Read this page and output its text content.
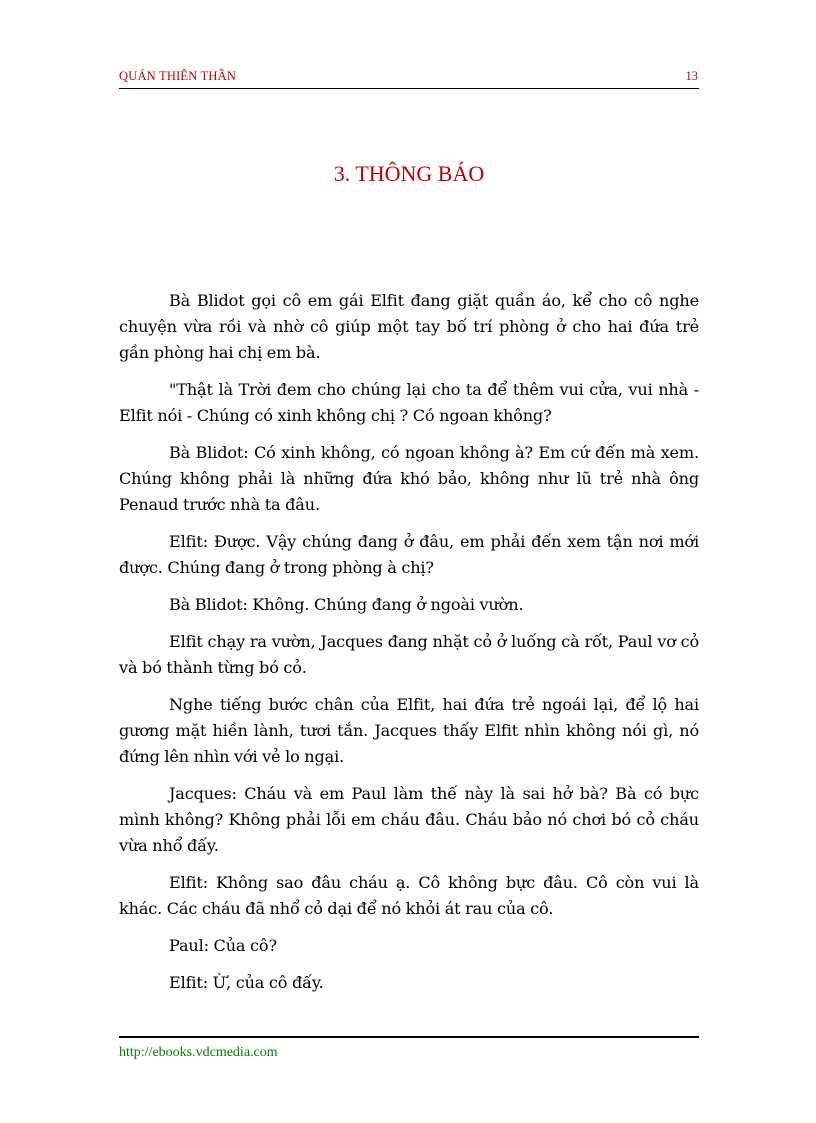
QUÁN THIÊN THẦN	13
3. THÔNG BÁO

Bà Blidot gọi cô em gái Elfit đang giặt quần áo, kể cho cô nghe chuyện vừa rồi và nhờ cô giúp một tay bố trí phòng ở cho hai đứa trẻ gần phòng hai chị em bà.

"Thật là Trời đem cho chúng lại cho ta để thêm vui cửa, vui nhà - Elfit nói - Chúng có xinh không chị ? Có ngoan không?

Bà Blidot: Có xinh không, có ngoan không à? Em cứ đến mà xem. Chúng không phải là những đứa khó bảo, không như lũ trẻ nhà ông Penaud trước nhà ta đâu.

Elfit: Được. Vậy chúng đang ở đâu, em phải đến xem tận nơi mới được. Chúng đang ở trong phòng à chị?

Bà Blidot: Không. Chúng đang ở ngoài vườn.

Elfit chạy ra vườn, Jacques đang nhặt cỏ ở luống cà rốt, Paul vơ cỏ và bó thành từng bó cỏ.

Nghe tiếng bước chân của Elfit, hai đứa trẻ ngoái lại, để lộ hai gương mặt hiền lành, tươi tắn. Jacques thấy Elfit nhìn không nói gì, nó đứng lên nhìn với vẻ lo ngại.

Jacques: Cháu và em Paul làm thế này là sai hở bà? Bà có bực mình không? Không phải lỗi em cháu đâu. Cháu bảo nó chơi bó cỏ cháu vừa nhổ đấy.

Elfit: Không sao đâu cháu ạ. Cô không bực đâu. Cô còn vui là khác. Các cháu đã nhổ cỏ dại để nó khỏi át rau của cô.

Paul: Của cô?

Elfit: Ừ, của cô đấy.

http://ebooks.vdcmedia.com
